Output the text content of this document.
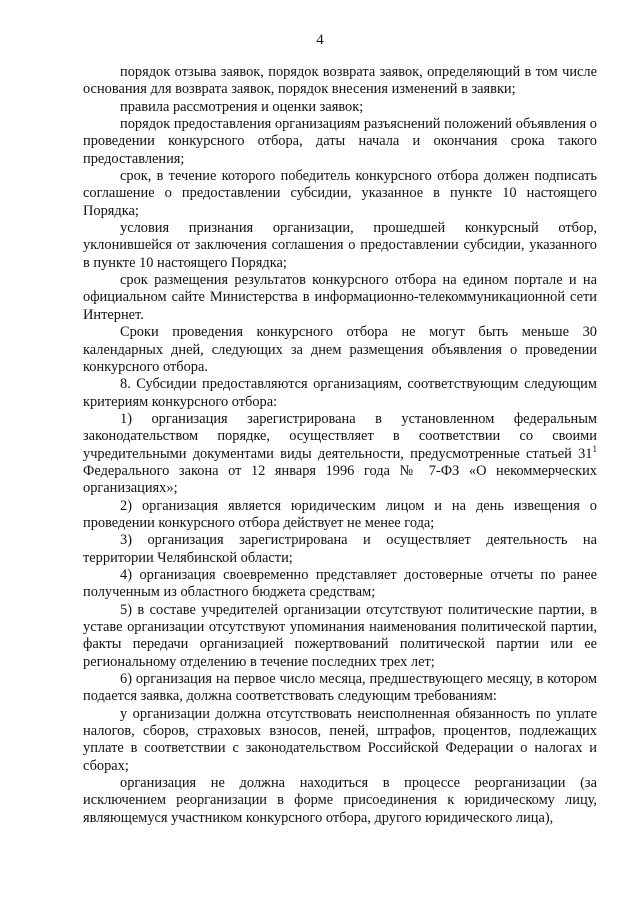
4

порядок отзыва заявок, порядок возврата заявок, определяющий в том числе основания для возврата заявок, порядок внесения изменений в заявки;

правила рассмотрения и оценки заявок;

порядок предоставления организациям разъяснений положений объявления о проведении конкурсного отбора, даты начала и окончания срока такого предоставления;

срок, в течение которого победитель конкурсного отбора должен подписать соглашение о предоставлении субсидии, указанное в пункте 10 настоящего Порядка;

условия признания организации, прошедшей конкурсный отбор, уклонившейся от заключения соглашения о предоставлении субсидии, указанного в пункте 10 настоящего Порядка;

срок размещения результатов конкурсного отбора на едином портале и на официальном сайте Министерства в информационно-телекоммуникационной сети Интернет.

Сроки проведения конкурсного отбора не могут быть меньше 30 календарных дней, следующих за днем размещения объявления о проведении конкурсного отбора.

8. Субсидии предоставляются организациям, соответствующим следующим критериям конкурсного отбора:

1) организация зарегистрирована в установленном федеральным законодательством порядке, осуществляет в соответствии со своими учредительными документами виды деятельности, предусмотренные статьей $31^1$ Федерального закона от 12 января 1996 года № 7-ФЗ «О некоммерческих организациях»;

2) организация является юридическим лицом и на день извещения о проведении конкурсного отбора действует не менее года;

3) организация зарегистрирована и осуществляет деятельность на территории Челябинской области;

4) организация своевременно представляет достоверные отчеты по ранее полученным из областного бюджета средствам;

5) в составе учредителей организации отсутствуют политические партии, в уставе организации отсутствуют упоминания наименования политической партии, факты передачи организацией пожертвований политической партии или ее региональному отделению в течение последних трех лет;

6) организация на первое число месяца, предшествующего месяцу, в котором подается заявка, должна соответствовать следующим требованиям:

у организации должна отсутствовать неисполненная обязанность по уплате налогов, сборов, страховых взносов, пеней, штрафов, процентов, подлежащих уплате в соответствии с законодательством Российской Федерации о налогах и сборах;

организация не должна находиться в процессе реорганизации (за исключением реорганизации в форме присоединения к юридическому лицу, являющемуся участником конкурсного отбора, другого юридического лица),
